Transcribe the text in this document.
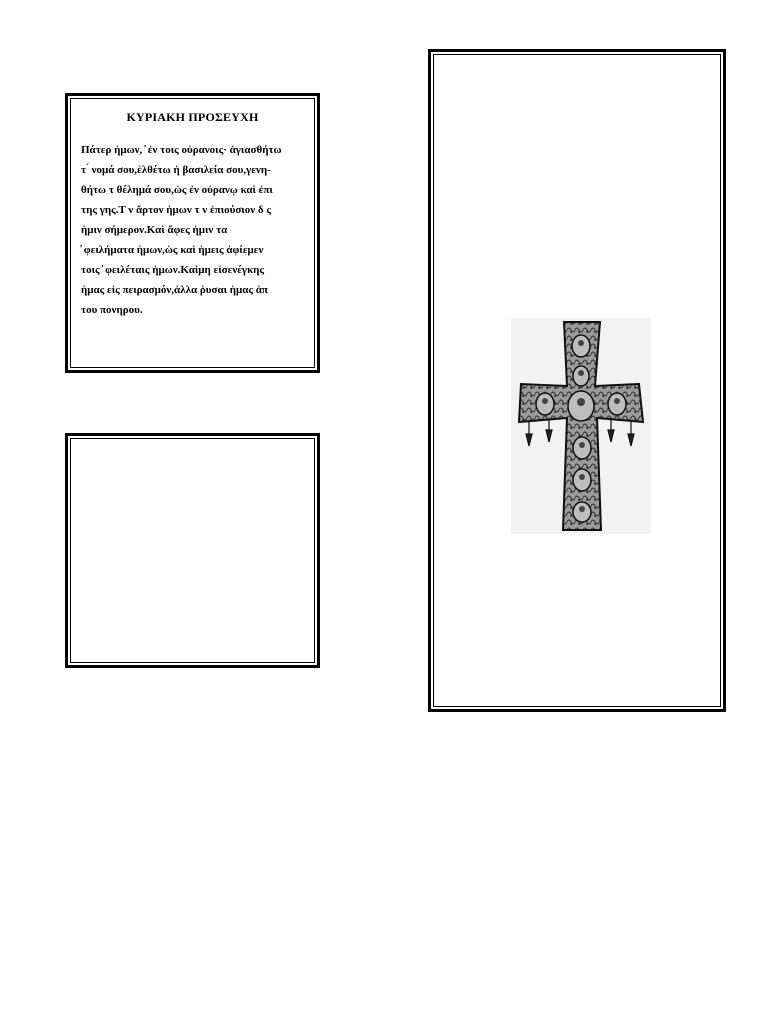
ΚΥΡΙΑΚΗ ΠΡΟΣΕΥΧΗ
Πάτερ ἡμων, ̓ ἐν τοις οὐρανοις· ἁγιασθήτω
τ ́ νομά σου,ἐλθέτω ἡ βασιλεία σου,γενη-
θήτω τ θέλημά σου,ὡς ἐν οὐρανῳ καὶ ἐπι
της γης.Τ ν ἄρτον ἡμων τ ν ἐπιούσιον δ ς
ἡμιν σήμερον.Καὶ ἄφες ἡμιν τα
̓ φειλήματα ἡμων,ὡς καὶ ἡμεις ἀφίεμεν
τοις ̓ φειλέταις ἡμων.Καὶμη εἰσενέγκης
ἡμας εἰς πειρασμόν,ἀλλα ῥυσαι ἡμας ἀπ
του πονηρου.
